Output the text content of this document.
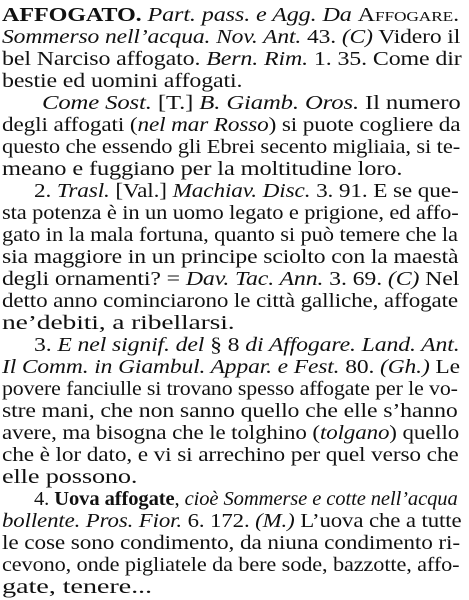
AFFOGATO. Part. pass. e Agg. Da Affogare.
Sommerso nell’acqua. Nov. Ant. 43. (C) Videro il
bel Narciso affogato. Bern. Rim. 1. 35. Come dir
bestie ed uomini affogati.
Come Sost. [T.] B. Giamb. Oros. Il numero
degli affogati (nel mar Rosso) si puote cogliere da
questo che essendo gli Ebrei secento migliaia, si te-
meano e fuggiano per la moltitudine loro.
2. Trasl. [Val.] Machiav. Disc. 3. 91. E se que-
sta potenza è in un uomo legato e prigione, ed affo-
gato in la mala fortuna, quanto si può temere che la
sia maggiore in un principe sciolto con la maestà
degli ornamenti? = Dav. Tac. Ann. 3. 69. (C) Nel
detto anno cominciarono le città galliche, affogate
ne’debiti, a ribellarsi.
3. E nel signif. del § 8 di Affogare. Land. Ant.
Il Comm. in Giambul. Appar. e Fest. 80. (Gh.) Le
povere fanciulle si trovano spesso affogate per le vo-
stre mani, che non sanno quello che elle s’hanno
avere, ma bisogna che le tolghino (tolgano) quello
che è lor dato, e vi si arrechino per quel verso che
elle possono.
4. Uova affogate, cioè Sommerse e cotte nell’acqua
bollente. Pros. Fior. 6. 172. (M.) L’uova che a tutte
le cose sono condimento, da niuna condimento ri-
cevono, onde pigliatele da bere sode, bazzotte, affo-
gate, tenere...
